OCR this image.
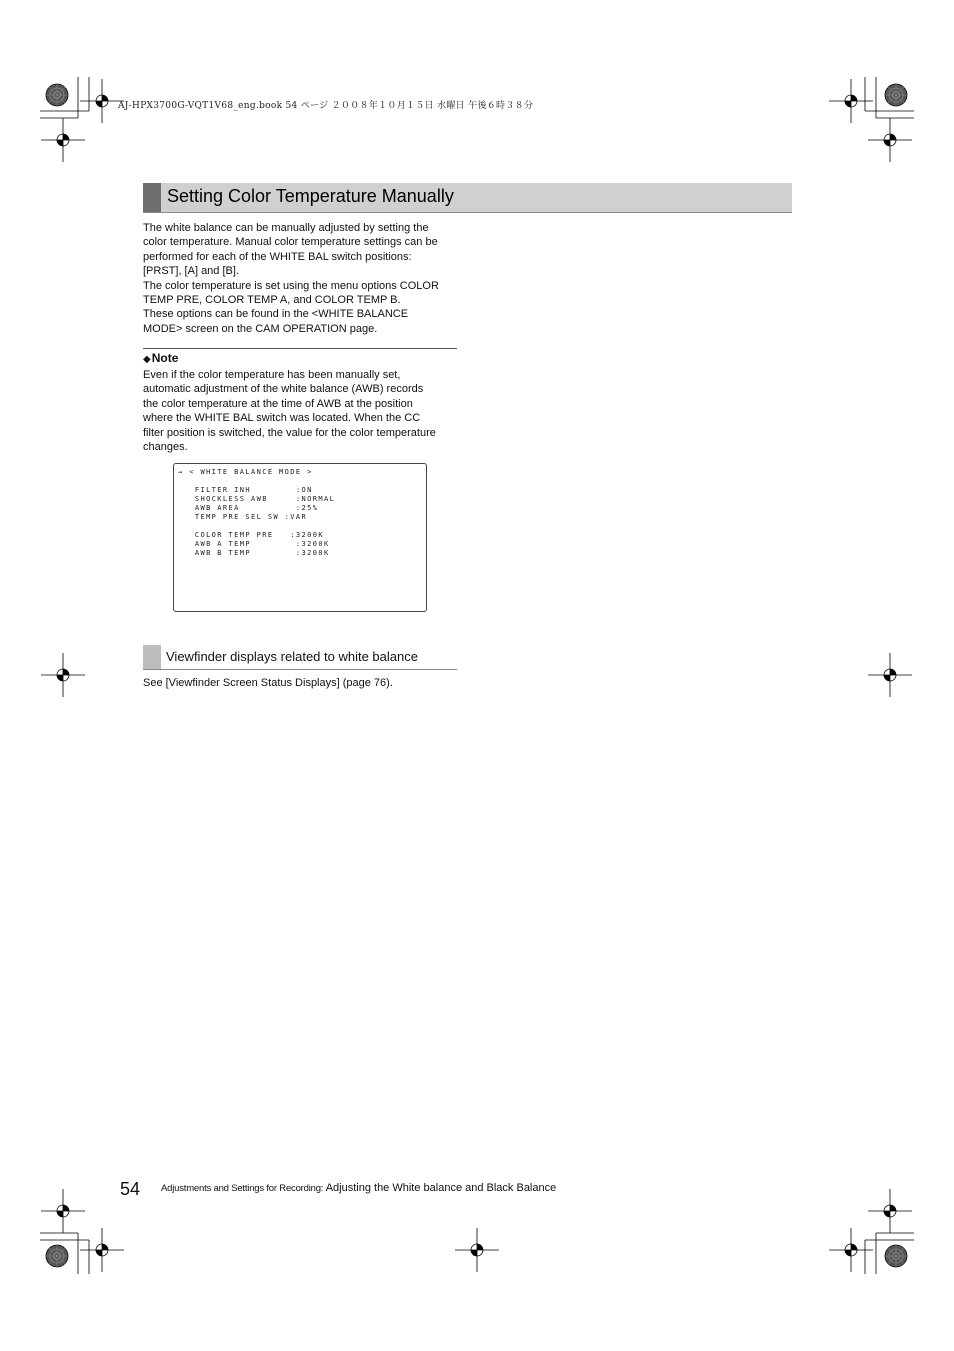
AJ-HPX3700G-VQT1V68_eng.book 54 ページ ２００８年１０月１５日 水曜日 午後６時３８分
Setting Color Temperature Manually

The white balance can be manually adjusted by setting the
color temperature. Manual color temperature settings can be
performed for each of the WHITE BAL switch positions:
[PRST], [A] and [B].

The color temperature is set using the menu options COLOR
TEMP PRE, COLOR TEMP A, and COLOR TEMP B.

These options can be found in the <WHITE BALANCE
MODE> screen on the CAM OPERATION page.

◆Note

Even if the color temperature has been manually set,
automatic adjustment of the white balance (AWB) records
the color temperature at the time of AWB at the position
where the WHITE BAL switch was located. When the CC
filter position is switched, the value for the color temperature
changes.

→ < WHITE BALANCE MODE >

FILTER INH        :ON
SHOCKLESS AWB     :NORMAL
AWB AREA          :25%
TEMP PRE SEL SW :VAR

COLOR TEMP PRE   :3200K
AWB A TEMP        :3200K
AWB B TEMP        :3200K
Viewfinder displays related to white balance
See [Viewfinder Screen Status Displays] (page 76).
54 Adjustments and Settings for Recording: Adjusting the White balance and Black Balance
